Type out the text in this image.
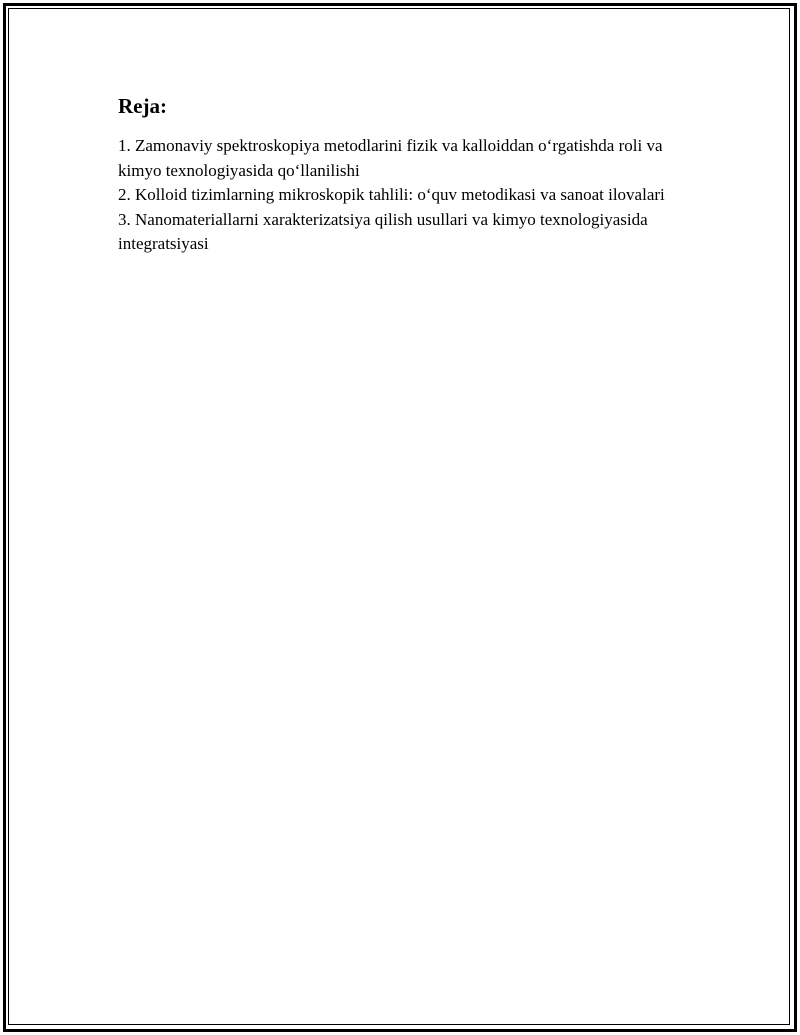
Reja:
1. Zamonaviy spektroskopiya metodlarini fizik va kalloiddan o‘rgatishda roli va kimyo texnologiyasida qo‘llanilishi
2. Kolloid tizimlarning mikroskopik tahlili: o‘quv metodikasi va sanoat ilovalari
3. Nanomateriallarni xarakterizatsiya qilish usullari va kimyo texnologiyasida integratsiyasi
